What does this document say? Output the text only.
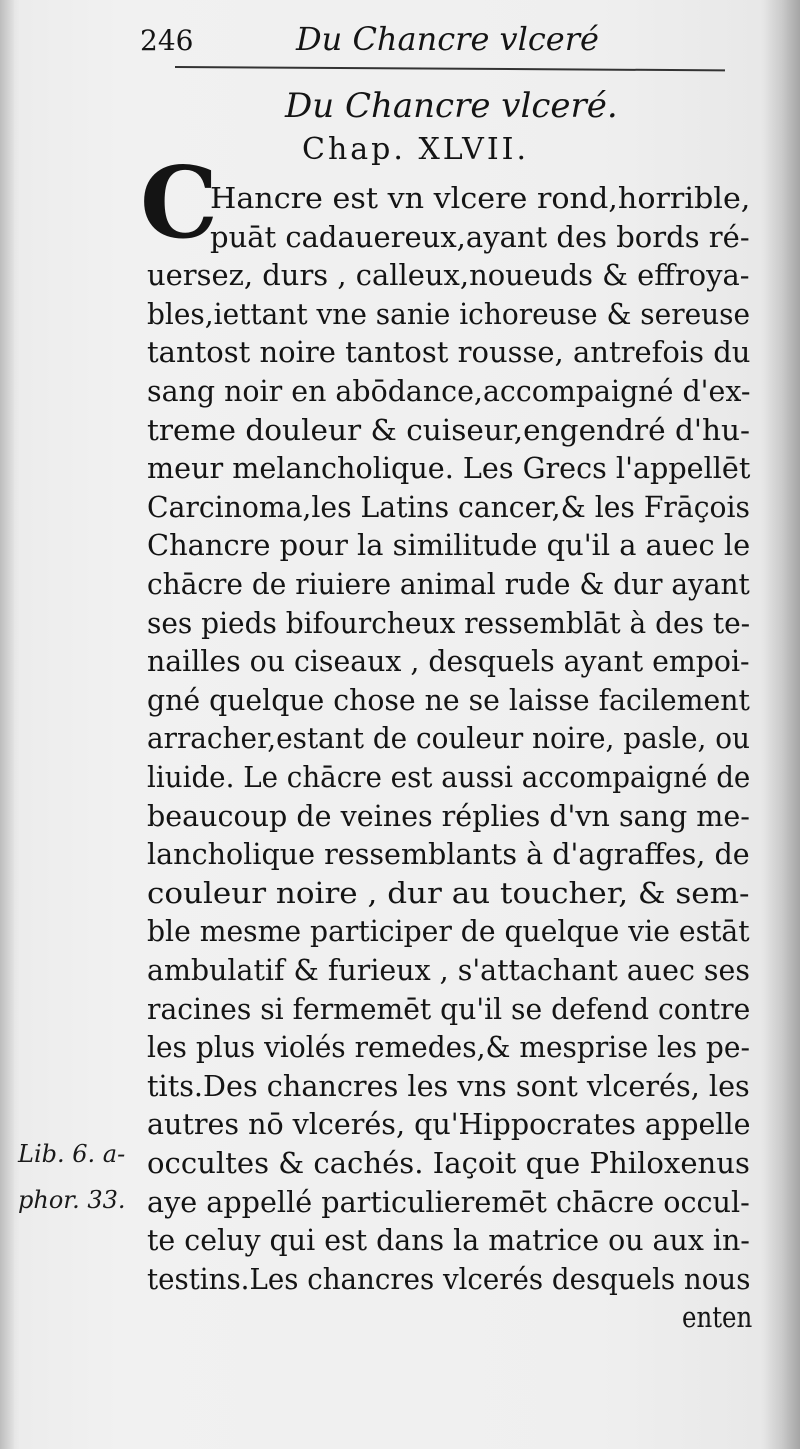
246	Du Chancre vlceré
Du Chancre vlceré.
Chap. XLVII.
C
Hancre est vn vlcere rond,horrible,
puāt cadauereux,ayant des bords ré-
uersez, durs , calleux,noueuds & effroya-
bles,iettant vne sanie ichoreuse & sereuse
tantost noire tantost rousse, antrefois du
sang noir en abōdance,accompaigné d'ex-
treme douleur & cuiseur,engendré d'hu-
meur melancholique. Les Grecs l'appellēt
Carcinoma,les Latins cancer,& les Frāçois
Chancre pour la similitude qu'il a auec le
chācre de riuiere animal rude & dur ayant
ses pieds bifourcheux ressemblāt à des te-
nailles ou ciseaux , desquels ayant empoi-
gné quelque chose ne se laisse facilement
arracher,estant de couleur noire, pasle, ou
liuide. Le chācre est aussi accompaigné de
beaucoup de veines réplies d'vn sang me-
lancholique ressemblants à d'agraffes, de
couleur noire , dur au toucher, & sem-
ble mesme participer de quelque vie estāt
ambulatif & furieux , s'attachant auec ses
racines si fermemēt qu'il se defend contre
les plus violés remedes,& mesprise les pe-
tits.Des chancres les vns sont vlcerés, les
autres nō vlcerés, qu'Hippocrates appelle
occultes & cachés. Iaçoit que Philoxenus
aye appellé particulieremēt chācre occul-
te celuy qui est dans la matrice ou aux in-
testins.Les chancres vlcerés desquels nous
enten
Lib. 6. a-
phor. 33.
